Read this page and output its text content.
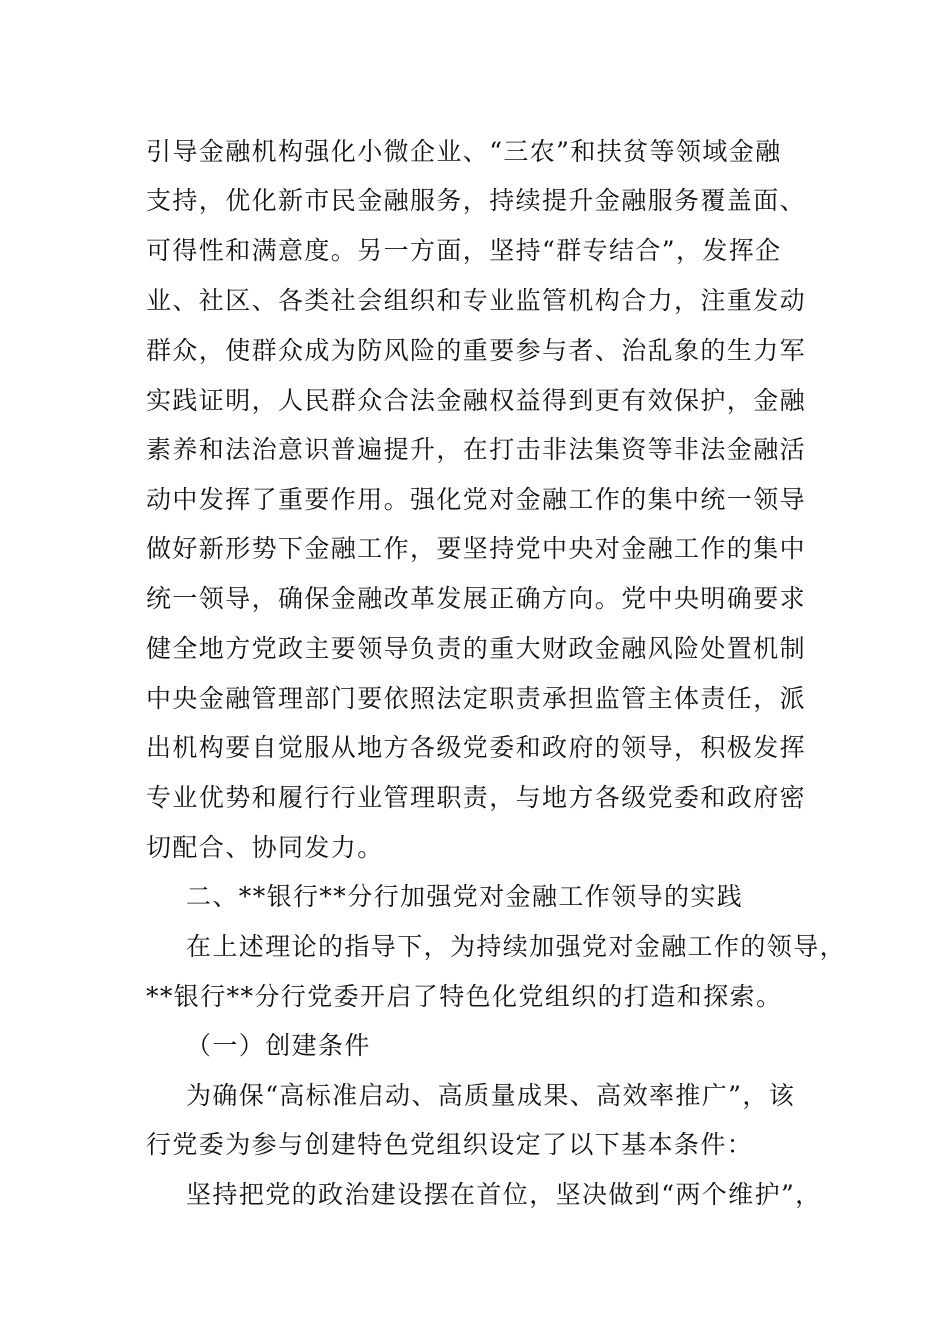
引导金融机构强化小微企业、“三农”和扶贫等领域金融
支持，优化新市民金融服务，持续提升金融服务覆盖面、
可得性和满意度。另一方面，坚持“群专结合”，发挥企
业、社区、各类社会组织和专业监管机构合力，注重发动
群众，使群众成为防风险的重要参与者、治乱象的生力军
实践证明，人民群众合法金融权益得到更有效保护，金融
素养和法治意识普遍提升，在打击非法集资等非法金融活
动中发挥了重要作用。强化党对金融工作的集中统一领导
做好新形势下金融工作，要坚持党中央对金融工作的集中
统一领导，确保金融改革发展正确方向。党中央明确要求
健全地方党政主要领导负责的重大财政金融风险处置机制
中央金融管理部门要依照法定职责承担监管主体责任，派
出机构要自觉服从地方各级党委和政府的领导，积极发挥
专业优势和履行行业管理职责，与地方各级党委和政府密
切配合、协同发力。
二、**银行**分行加强党对金融工作领导的实践
在上述理论的指导下，为持续加强党对金融工作的领导，
**银行**分行党委开启了特色化党组织的打造和探索。
（一）创建条件
为确保“高标准启动、高质量成果、高效率推广”，该
行党委为参与创建特色党组织设定了以下基本条件：
坚持把党的政治建设摆在首位，坚决做到“两个维护”，
